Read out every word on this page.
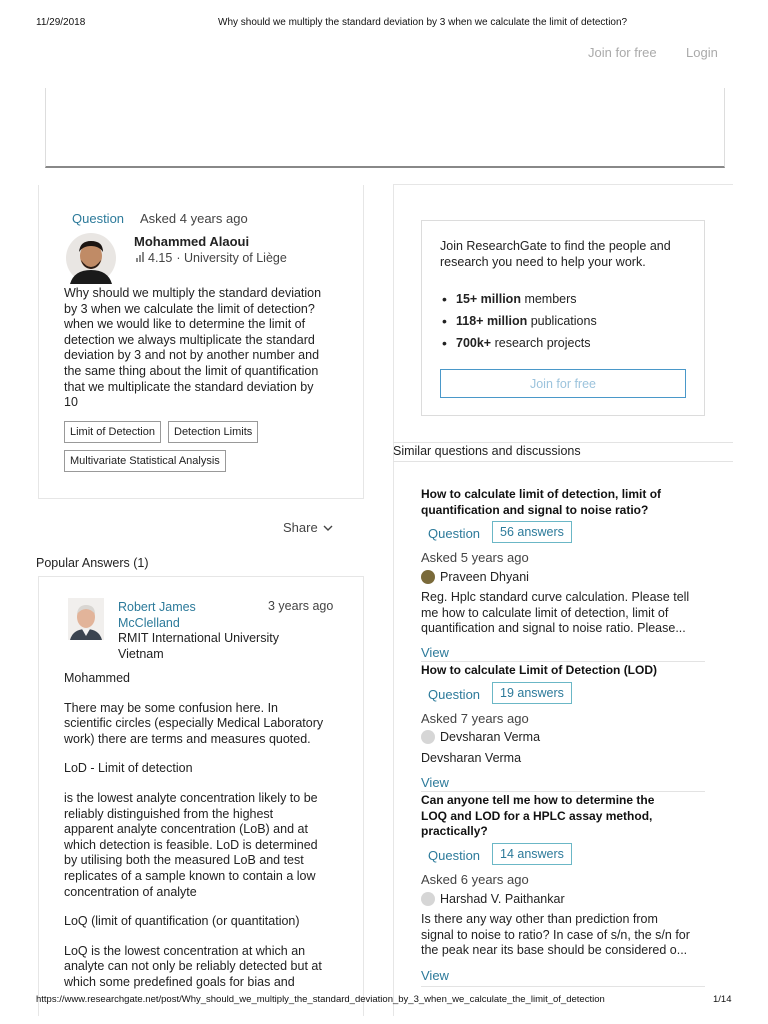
11/29/2018	Why should we multiply the standard deviation by 3 when we calculate the limit of detection?
Join for free Login
Question Asked 4 years ago
Mohammed Alaoui
4.15 · University of Liège
Why should we multiply the standard deviation
by 3 when we calculate the limit of detection?
when we would like to determine the limit of
detection we always multiplicate the standard
deviation by 3 and not by another number and
the same thing about the limit of quantification
that we multiplicate the standard deviation by
10
Limit of Detection	Detection Limits
Multivariate Statistical Analysis
Share
Popular Answers (1)
Robert James
McClelland
3 years ago
RMIT International University
Vietnam
Mohammed
There may be some confusion here. In
scientific circles (especially Medical Laboratory
work) there are terms and measures quoted.
LoD - Limit of detection
is the lowest analyte concentration likely to be
reliably distinguished from the highest
apparent analyte concentration (LoB) and at
which detection is feasible. LoD is determined
by utilising both the measured LoB and test
replicates of a sample known to contain a low
concentration of analyte
LoQ (limit of quantification (or quantitation)
LoQ is the lowest concentration at which an
analyte can not only be reliably detected but at
which some predefined goals for bias and
Join ResearchGate to find the people and
research you need to help your work.
• 15+ million members
• 118+ million publications
• 700k+ research projects
Join for free
Similar questions and discussions
How to calculate limit of detection, limit of
quantification and signal to noise ratio?
Question	56 answers
Asked 5 years ago
Praveen Dhyani
Reg. Hplc standard curve calculation. Please tell
me how to calculate limit of detection, limit of
quantification and signal to noise ratio. Please...
View
How to calculate Limit of Detection (LOD)
Question	19 answers
Asked 7 years ago
Devsharan Verma
Devsharan Verma
View
Can anyone tell me how to determine the
LOQ and LOD for a HPLC assay method,
practically?
Question	14 answers
Asked 6 years ago
Harshad V. Paithankar
Is there any way other than prediction from
signal to noise to ratio? In case of s/n, the s/n for
the peak near its base should be considered o...
View
https://www.researchgate.net/post/Why_should_we_multiply_the_standard_deviation_by_3_when_we_calculate_the_limit_of_detection	1/14
